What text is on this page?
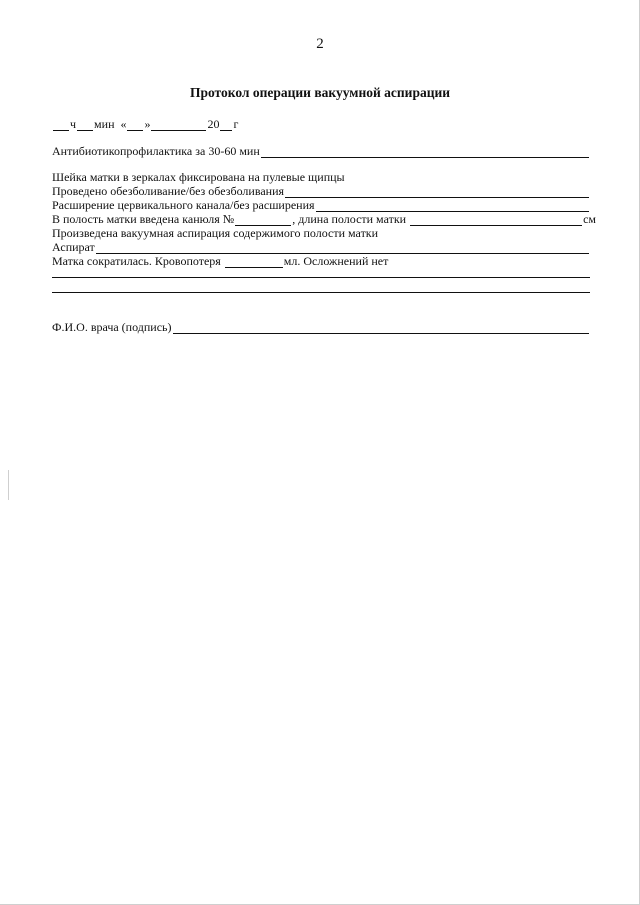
2
Протокол операции вакуумной аспирации
ч мин « »	20 г
Антибиотикопрофилактика за 30-60 мин
Шейка матки в зеркалах фиксирована на пулевые щипцы
Проведено обезболивание/без обезболивания
Расширение цервикального канала/без расширения
В полость матки введена канюля №	, длина полости матки	см
Произведена вакуумная аспирация содержимого полости матки
Аспират
Матка сократилась. Кровопотеря	мл. Осложнений нет
Ф.И.О. врача (подпись)
